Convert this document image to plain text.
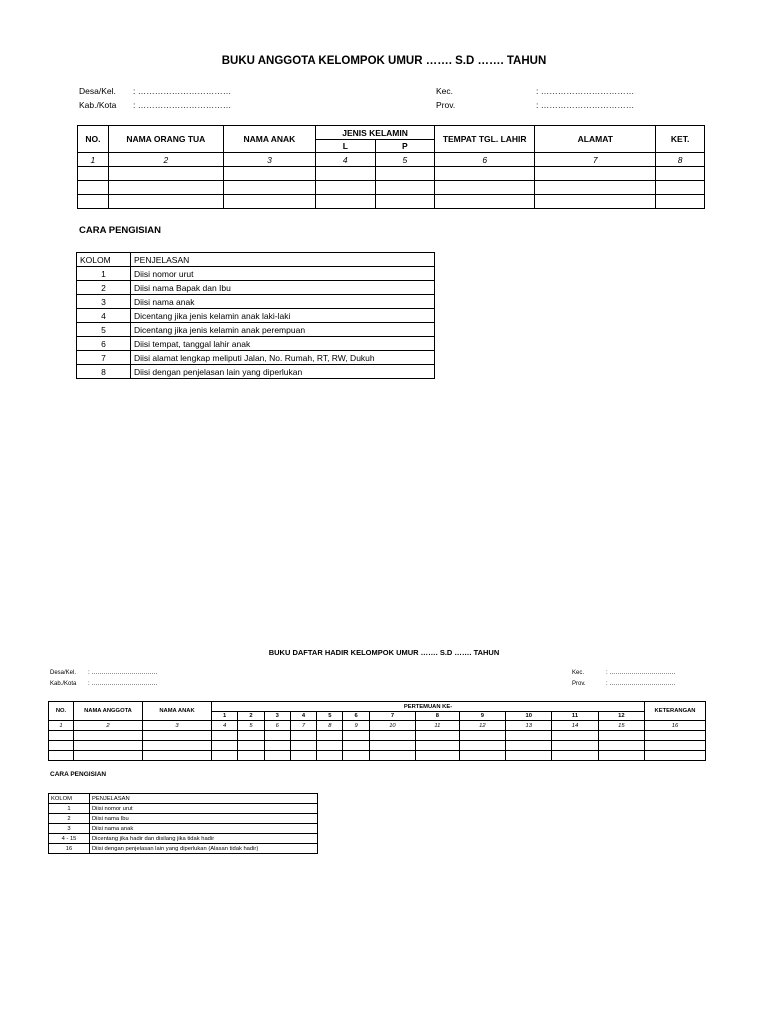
BUKU ANGGOTA KELOMPOK UMUR ……. S.D ……. TAHUN
Desa/Kel. : ……………………………
Kab./Kota : ……………………………
Kec.	: ……………………………
Prov.	: ……………………………
NO.	NAMA ORANG TUA	NAMA ANAK	JENIS KELAMIN		TEMPAT TGL. LAHIR	ALAMAT	KET.
			L	P			
1	2	3	4	5	6	7	8

CARA PENGISIAN
KOLOM	PENJELASAN
1	Diisi nomor urut
2	Diisi nama Bapak dan Ibu
3	Diisi nama anak
4	Dicentang jika jenis kelamin anak laki-laki
5	Dicentang jika jenis kelamin anak perempuan
6	Diisi tempat, tanggal lahir anak
7	Diisi alamat lengkap meliputi Jalan, No. Rumah, RT, RW, Dukuh
8	Diisi dengan penjelasan lain yang diperlukan
BUKU DAFTAR HADIR KELOMPOK UMUR ……. S.D ……. TAHUN
Desa/Kel. : ……………………………
Kab./Kota : ……………………………
Kec.	: ……………………………
Prov.	: ……………………………
NO.	NAMA ANGGOTA	NAMA ANAK	PERTEMUAN KE-												KETERANGAN
			1	2	3	4	5	6	7	8	9	10	11	12	
1	2	3	4	5	6	7	8	9	10	11	12	13	14	15	16

CARA PENGISIAN
KOLOM	PENJELASAN
1	Diisi nomor urut
2	Diisi nama Ibu
3	Diisi nama anak
4 - 15	Dicentang jika hadir dan disilang jika tidak hadir
16	Diisi dengan penjelasan lain yang diperlukan (Alasan tidak hadir)
